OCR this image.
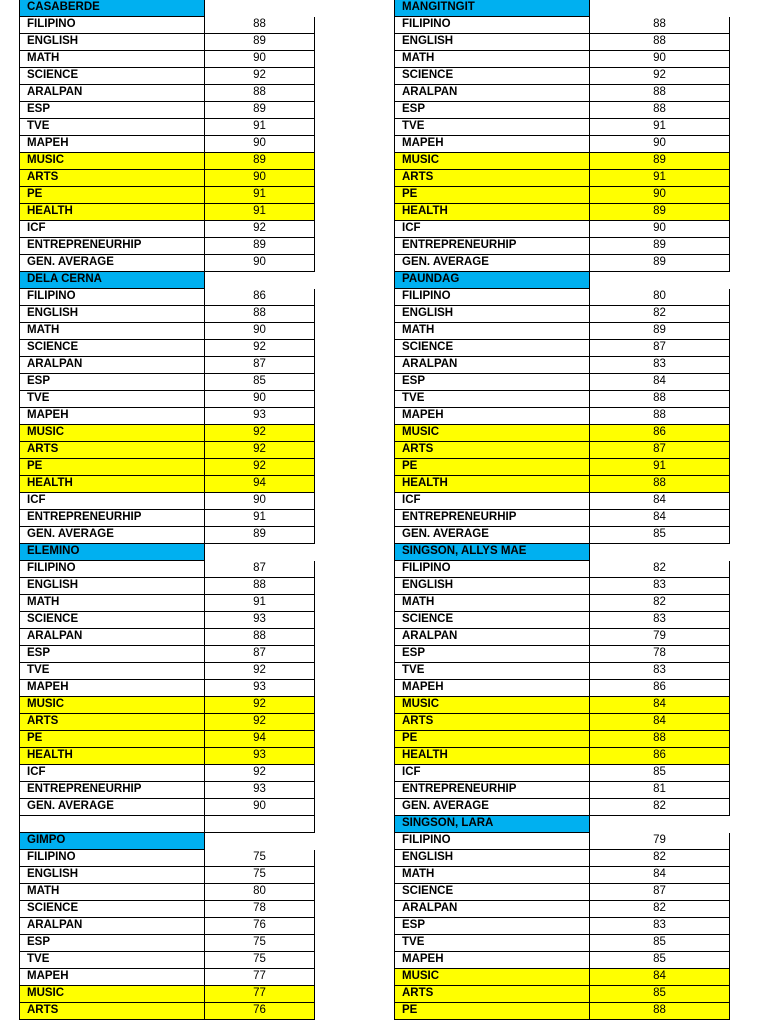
CASABERDE
FILIPINO	88
ENGLISH	89
MATH	90
SCIENCE	92
ARALPAN	88
ESP	89
TVE	91
MAPEH	90
MUSIC	89
ARTS	90
PE	91
HEALTH	91
ICF	92
ENTREPRENEURHIP	89
GEN. AVERAGE	90
DELA CERNA
FILIPINO	86
ENGLISH	88
MATH	90
SCIENCE	92
ARALPAN	87
ESP	85
TVE	90
MAPEH	93
MUSIC	92
ARTS	92
PE	92
HEALTH	94
ICF	90
ENTREPRENEURHIP	91
GEN. AVERAGE	89
ELEMINO
FILIPINO	87
ENGLISH	88
MATH	91
SCIENCE	93
ARALPAN	88
ESP	87
TVE	92
MAPEH	93
MUSIC	92
ARTS	92
PE	94
HEALTH	93
ICF	92
ENTREPRENEURHIP	93
GEN. AVERAGE	90
GIMPO
FILIPINO	75
ENGLISH	75
MATH	80
SCIENCE	78
ARALPAN	76
ESP	75
TVE	75
MAPEH	77
MUSIC	77
ARTS	76
MANGITNGIT
FILIPINO	88
ENGLISH	88
MATH	90
SCIENCE	92
ARALPAN	88
ESP	88
TVE	91
MAPEH	90
MUSIC	89
ARTS	91
PE	90
HEALTH	89
ICF	90
ENTREPRENEURHIP	89
GEN. AVERAGE	89
PAUNDAG
FILIPINO	80
ENGLISH	82
MATH	89
SCIENCE	87
ARALPAN	83
ESP	84
TVE	88
MAPEH	88
MUSIC	86
ARTS	87
PE	91
HEALTH	88
ICF	84
ENTREPRENEURHIP	84
GEN. AVERAGE	85
SINGSON, ALLYS MAE
FILIPINO	82
ENGLISH	83
MATH	82
SCIENCE	83
ARALPAN	79
ESP	78
TVE	83
MAPEH	86
MUSIC	84
ARTS	84
PE	88
HEALTH	86
ICF	85
ENTREPRENEURHIP	81
GEN. AVERAGE	82
SINGSON, LARA
FILIPINO	79
ENGLISH	82
MATH	84
SCIENCE	87
ARALPAN	82
ESP	83
TVE	85
MAPEH	85
MUSIC	84
ARTS	85
PE	88
